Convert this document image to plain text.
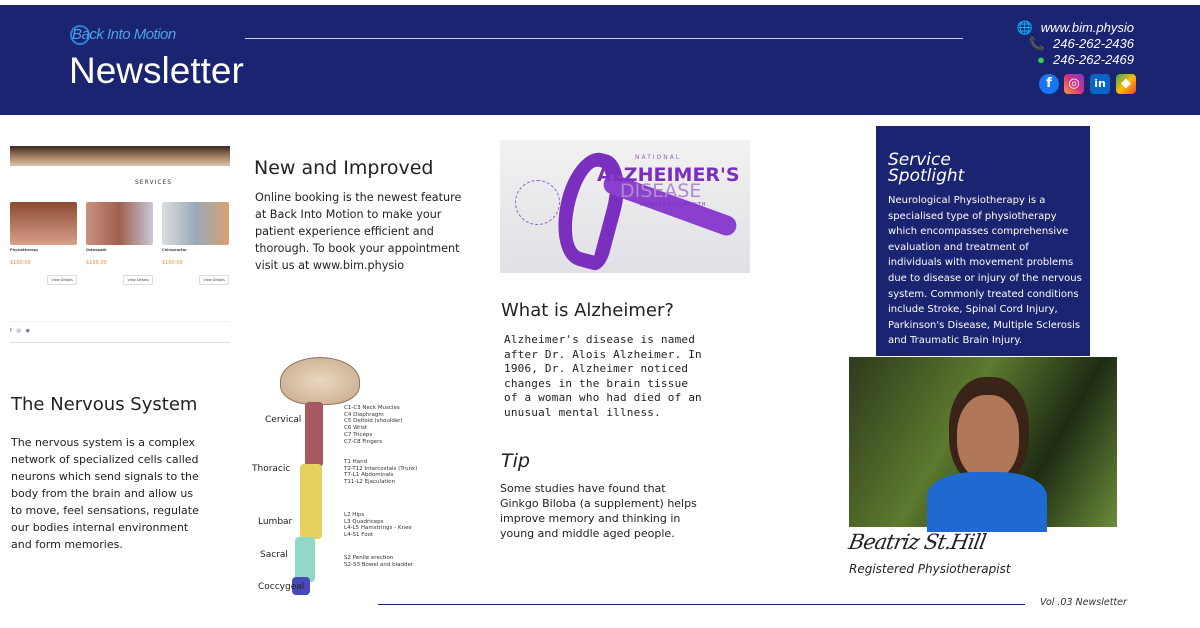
Back Into Motion
Newsletter
🌐 www.bim.physio
📞 246-262-2436
● 246-262-2469
f	◎	in	◆
SERVICES
Physiotherapy
$100.00
View Details
Osteopath
$150.00
View Details
Chiropractor
$100.00
View Details
f   ◎   ◉
New and Improved

Online booking is the newest feature at Back Into Motion to make your patient experience efficient and thorough. To book your appointment visit us at www.bim.physio

The Nervous System

The nervous system is a complex network of specialized cells called neurons which send signals to the body from the brain and allow us to move, feel sensations, regulate our bodies internal environment and form memories.

Cervical
Thoracic
Lumbar
Sacral
Coccygeal
C1-C3 Neck Muscles
C4 Diaphragm
C5 Deltoid (shoulder)
C6 Wrist
C7 Triceps
C7-C8 Fingers
T1 Hand
T2-T12 Intercostals (Trunk)
T7-L1 Abdominals
T11-L2 Ejaculation
L2 Hips
L3 Quadriceps
L4-L5 Hamstrings - Knee
L4-S1 Foot
S2 Penile erection
S2-S3 Bowel and bladder
NATIONAL
ALZHEIMER'S
DISEASE
AWARENESS MONTH
What is Alzheimer?

Alzheimer's disease is named after Dr. Alois Alzheimer. In 1906, Dr. Alzheimer noticed changes in the brain tissue of a woman who had died of an unusual mental illness.

Tip

Some studies have found that Ginkgo Biloba (a supplement) helps improve memory and thinking in young and middle aged people.

Service
Spotlight

Neurological Physiotherapy is a specialised type of physiotherapy which encompasses comprehensive evaluation and treatment of individuals with movement problems due to disease or injury of the nervous system. Commonly treated conditions include Stroke, Spinal Cord Injury, Parkinson's Disease, Multiple Sclerosis and Traumatic Brain Injury.

Beatriz St.Hill
Registered Physiotherapist
Vol .03 Newsletter
